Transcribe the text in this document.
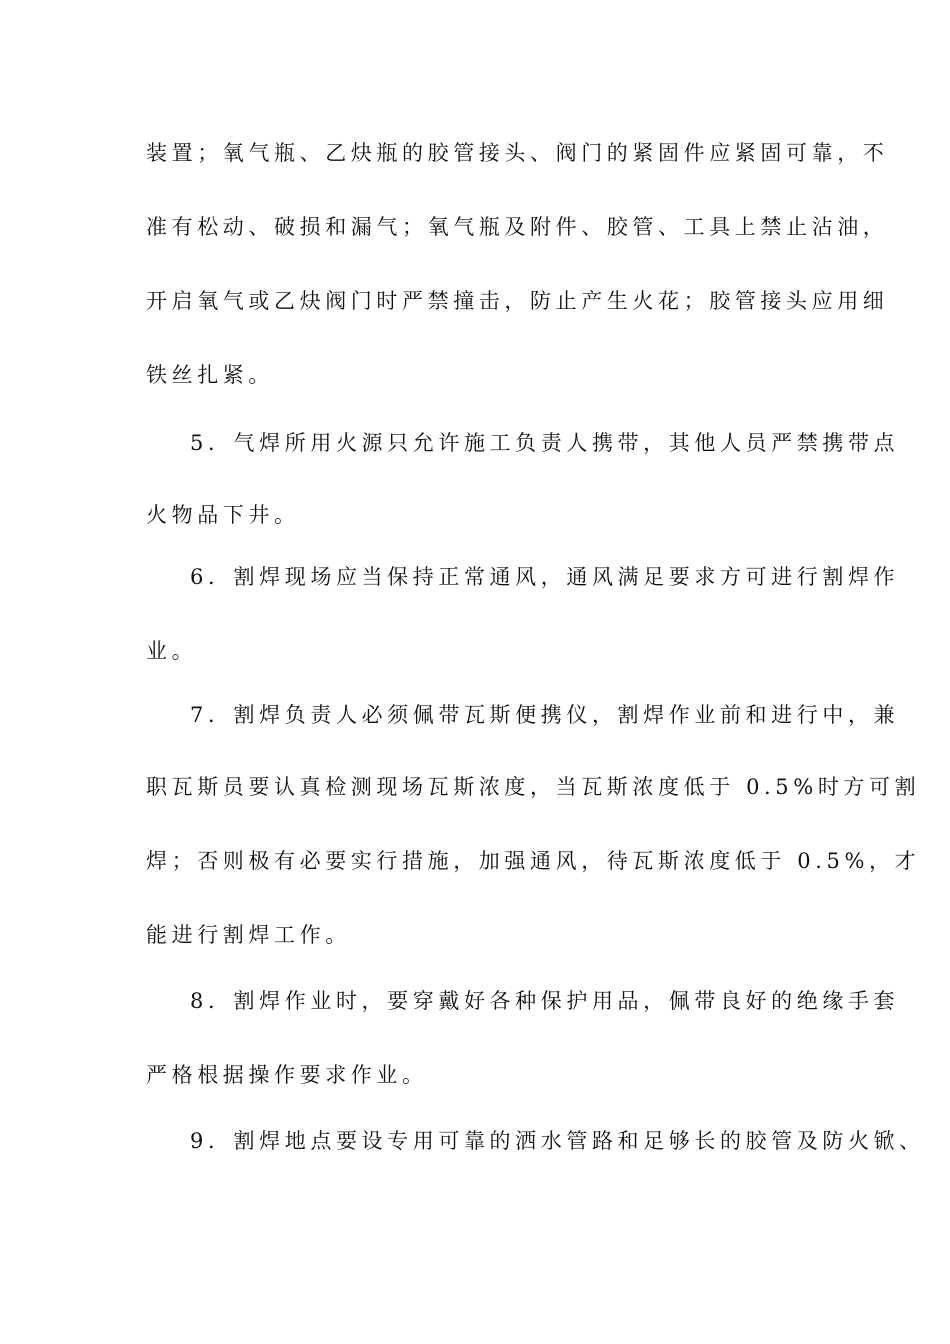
装置；氧气瓶、乙炔瓶的胶管接头、阀门的紧固件应紧固可靠，不
准有松动、破损和漏气；氧气瓶及附件、胶管、工具上禁止沾油，
开启氧气或乙炔阀门时严禁撞击，防止产生火花；胶管接头应用细
铁丝扎紧。
5．气焊所用火源只允许施工负责人携带，其他人员严禁携带点
火物品下井。
6．割焊现场应当保持正常通风，通风满足要求方可进行割焊作
业。
7．割焊负责人必须佩带瓦斯便携仪，割焊作业前和进行中，兼
职瓦斯员要认真检测现场瓦斯浓度，当瓦斯浓度低于 0.5%时方可割
焊；否则极有必要实行措施，加强通风，待瓦斯浓度低于 0.5%，才
能进行割焊工作。
8．割焊作业时，要穿戴好各种保护用品，佩带良好的绝缘手套
严格根据操作要求作业。
9．割焊地点要设专用可靠的洒水管路和足够长的胶管及防火锨、
